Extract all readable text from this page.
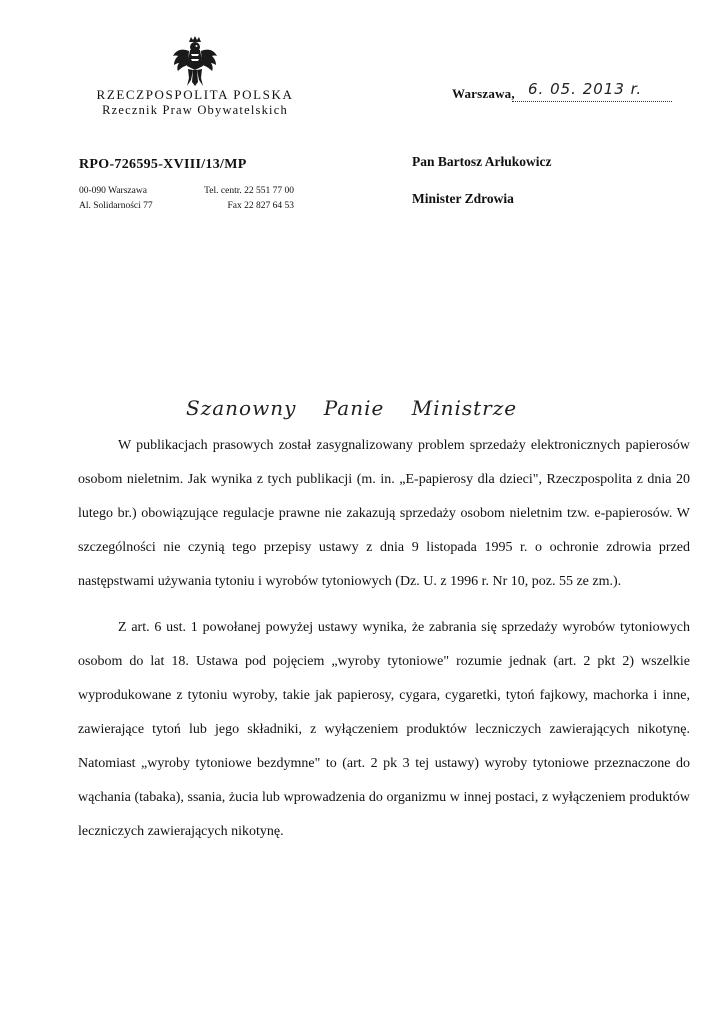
RZECZPOSPOLITA POLSKA
Rzecznik Praw Obywatelskich
Warszawa, 6. 05. 2013 r.
RPO-726595-XVIII/13/MP
00-090 Warszawa
Al. Solidarności 77
Tel. centr. 22 551 77 00
Fax 22 827 64 53
Pan Bartosz Arłukowicz
Minister Zdrowia
Szanowny Panie Ministrze

W publikacjach prasowych został zasygnalizowany problem sprzedaży elektronicznych papierosów osobom nieletnim. Jak wynika z tych publikacji (m. in. „E-papierosy dla dzieci", Rzeczpospolita z dnia 20 lutego br.) obowiązujące regulacje prawne nie zakazują sprzedaży osobom nieletnim tzw. e-papierosów. W szczególności nie czynią tego przepisy ustawy z dnia 9 listopada 1995 r. o ochronie zdrowia przed następstwami używania tytoniu i wyrobów tytoniowych (Dz. U. z 1996 r. Nr 10, poz. 55 ze zm.).

Z art. 6 ust. 1 powołanej powyżej ustawy wynika, że zabrania się sprzedaży wyrobów tytoniowych osobom do lat 18. Ustawa pod pojęciem „wyroby tytoniowe" rozumie jednak (art. 2 pkt 2) wszelkie wyprodukowane z tytoniu wyroby, takie jak papierosy, cygara, cygaretki, tytoń fajkowy, machorka i inne, zawierające tytoń lub jego składniki, z wyłączeniem produktów leczniczych zawierających nikotynę. Natomiast „wyroby tytoniowe bezdymne" to (art. 2 pk 3 tej ustawy) wyroby tytoniowe przeznaczone do wąchania (tabaka), ssania, żucia lub wprowadzenia do organizmu w innej postaci, z wyłączeniem produktów leczniczych zawierających nikotynę.
